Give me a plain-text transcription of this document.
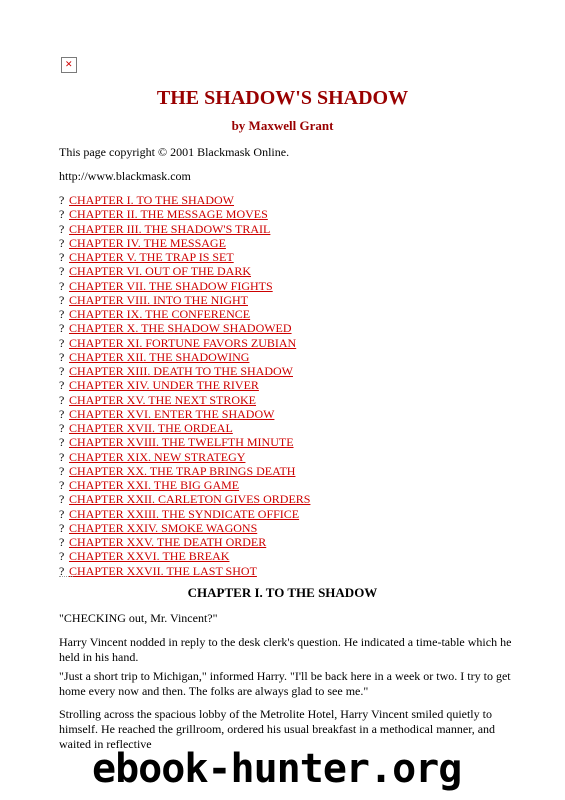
✕
THE SHADOW'S SHADOW
by Maxwell Grant
This page copyright © 2001 Blackmask Online.
http://www.blackmask.com
? CHAPTER I. TO THE SHADOW
? CHAPTER II. THE MESSAGE MOVES
? CHAPTER III. THE SHADOW'S TRAIL
? CHAPTER IV. THE MESSAGE
? CHAPTER V. THE TRAP IS SET
? CHAPTER VI. OUT OF THE DARK
? CHAPTER VII. THE SHADOW FIGHTS
? CHAPTER VIII. INTO THE NIGHT
? CHAPTER IX. THE CONFERENCE
? CHAPTER X. THE SHADOW SHADOWED
? CHAPTER XI. FORTUNE FAVORS ZUBIAN
? CHAPTER XII. THE SHADOWING
? CHAPTER XIII. DEATH TO THE SHADOW
? CHAPTER XIV. UNDER THE RIVER
? CHAPTER XV. THE NEXT STROKE
? CHAPTER XVI. ENTER THE SHADOW
? CHAPTER XVII. THE ORDEAL
? CHAPTER XVIII. THE TWELFTH MINUTE
? CHAPTER XIX. NEW STRATEGY
? CHAPTER XX. THE TRAP BRINGS DEATH
? CHAPTER XXI. THE BIG GAME
? CHAPTER XXII. CARLETON GIVES ORDERS
? CHAPTER XXIII. THE SYNDICATE OFFICE
? CHAPTER XXIV. SMOKE WAGONS
? CHAPTER XXV. THE DEATH ORDER
? CHAPTER XXVI. THE BREAK
? CHAPTER XXVII. THE LAST SHOT
CHAPTER I. TO THE SHADOW

"CHECKING out, Mr. Vincent?"

Harry Vincent nodded in reply to the desk clerk's question. He indicated a time-table which he held in his hand.

"Just a short trip to Michigan," informed Harry. "I'll be back here in a week or two. I try to get home every now and then. The folks are always glad to see me."

Strolling across the spacious lobby of the Metrolite Hotel, Harry Vincent smiled quietly to himself. He reached the grillroom, ordered his usual breakfast in a methodical manner, and waited in reflective

ebook-hunter.org
